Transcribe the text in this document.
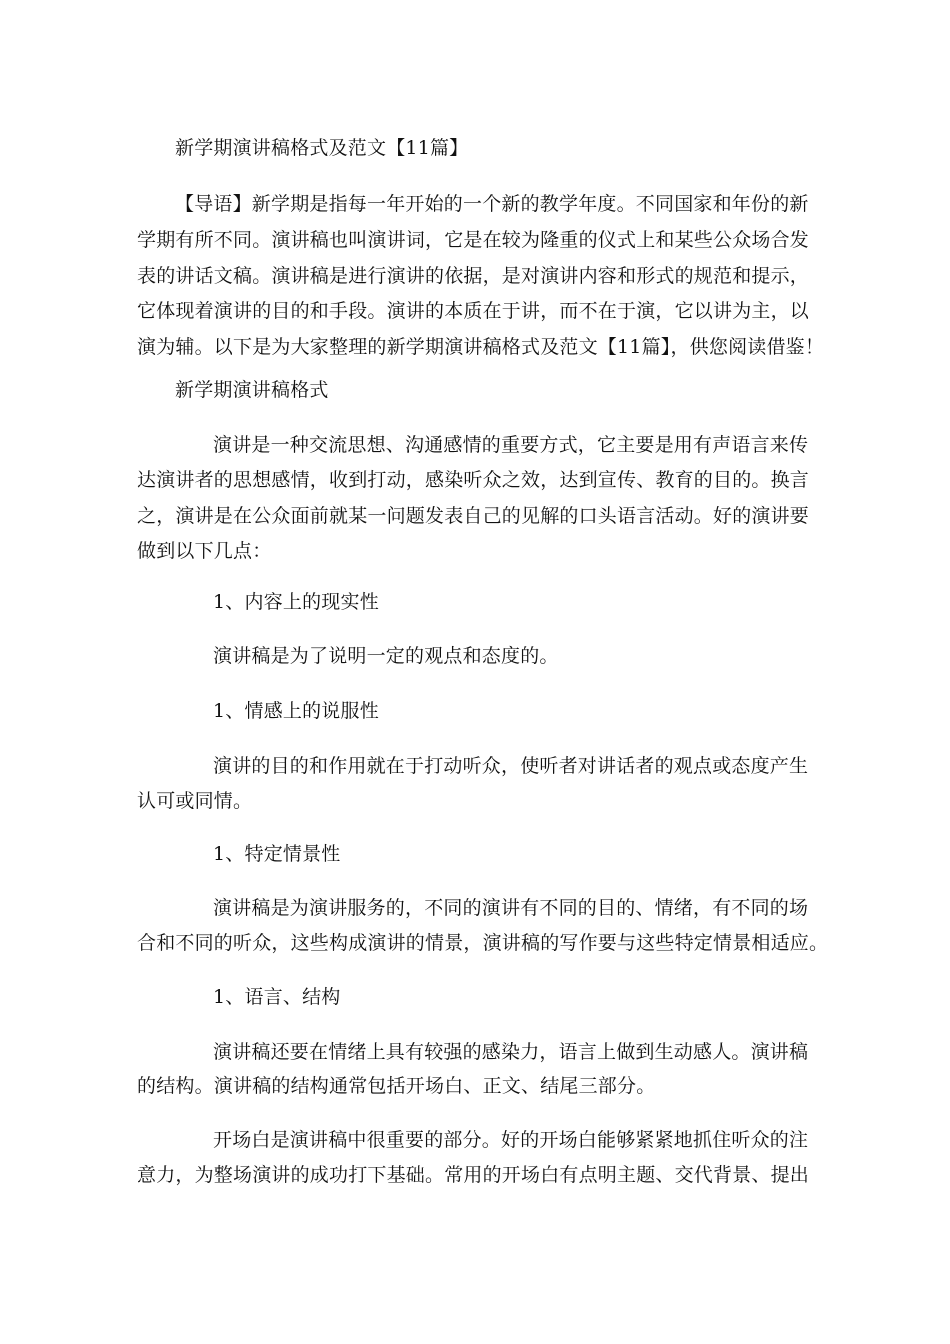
新学期演讲稿格式及范文【11篇】

【导语】新学期是指每一年开始的一个新的教学年度。不同国家和年份的新

学期有所不同。演讲稿也叫演讲词，它是在较为隆重的仪式上和某些公众场合发

表的讲话文稿。演讲稿是进行演讲的依据，是对演讲内容和形式的规范和提示，

它体现着演讲的目的和手段。演讲的本质在于讲，而不在于演，它以讲为主，以

演为辅。以下是为大家整理的新学期演讲稿格式及范文【11篇】，供您阅读借鉴！

新学期演讲稿格式

演讲是一种交流思想、沟通感情的重要方式，它主要是用有声语言来传

达演讲者的思想感情，收到打动，感染听众之效，达到宣传、教育的目的。换言

之，演讲是在公众面前就某一问题发表自己的见解的口头语言活动。好的演讲要

做到以下几点：

1、内容上的现实性

演讲稿是为了说明一定的观点和态度的。

1、情感上的说服性

演讲的目的和作用就在于打动听众，使听者对讲话者的观点或态度产生

认可或同情。

1、特定情景性

演讲稿是为演讲服务的，不同的演讲有不同的目的、情绪，有不同的场

合和不同的听众，这些构成演讲的情景，演讲稿的写作要与这些特定情景相适应。

1、语言、结构

演讲稿还要在情绪上具有较强的感染力，语言上做到生动感人。演讲稿

的结构。演讲稿的结构通常包括开场白、正文、结尾三部分。

开场白是演讲稿中很重要的部分。好的开场白能够紧紧地抓住听众的注

意力，为整场演讲的成功打下基础。常用的开场白有点明主题、交代背景、提出
